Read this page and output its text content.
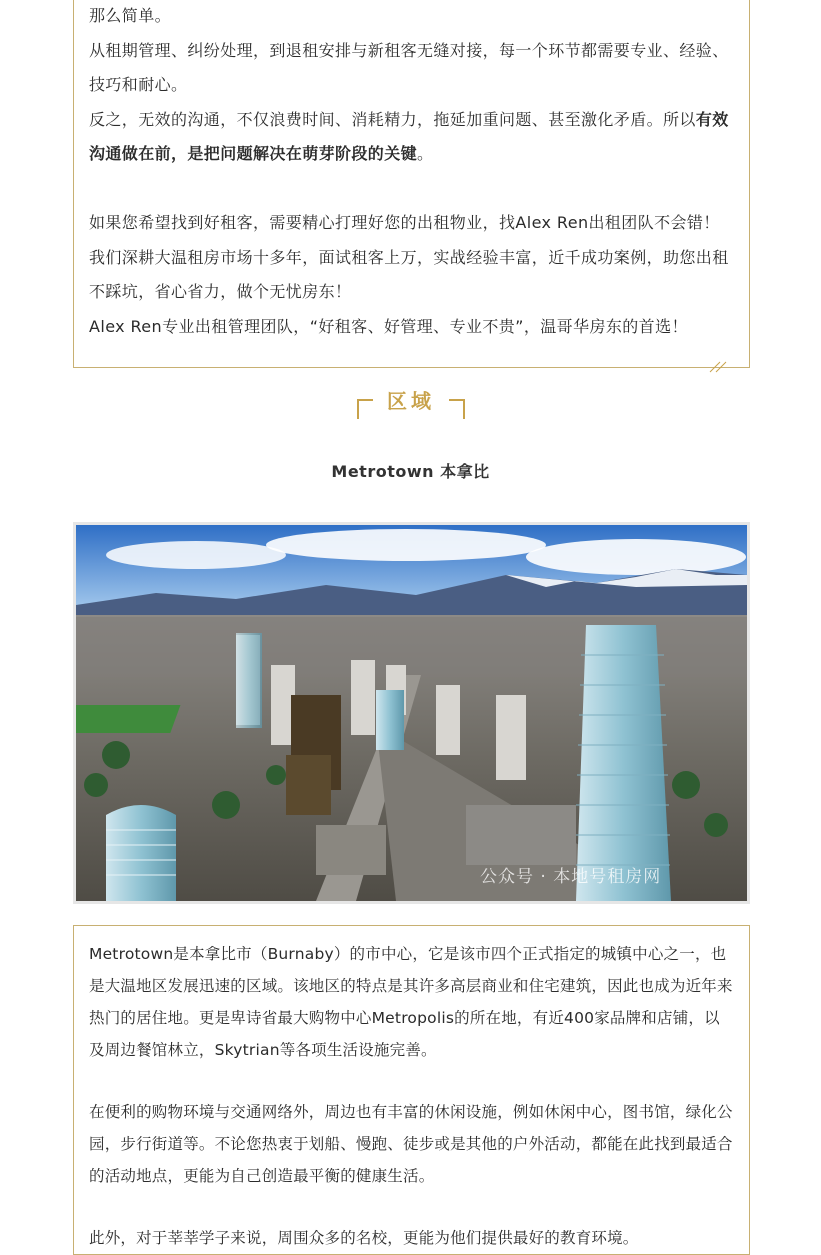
那么简单。

从租期管理、纠纷处理，到退租安排与新租客无缝对接，每一个环节都需要专业、经验、技巧和耐心。

反之，无效的沟通，不仅浪费时间、消耗精力，拖延加重问题、甚至激化矛盾。所以有效沟通做在前，是把问题解决在萌芽阶段的关键。

如果您希望找到好租客，需要精心打理好您的出租物业，找Alex Ren出租团队不会错！我们深耕大温租房市场十多年，面试租客上万，实战经验丰富，近千成功案例，助您出租不踩坑，省心省力，做个无忧房东！

Alex Ren专业出租管理团队，“好租客、好管理、专业不贵”，温哥华房东的首选！

区域
Metrotown 本拿比
公众号 · 本地号租房网

Metrotown是本拿比市（Burnaby）的市中心，它是该市四个正式指定的城镇中心之一，也是大温地区发展迅速的区域。该地区的特点是其许多高层商业和住宅建筑，因此也成为近年来热门的居住地。更是卑诗省最大购物中心Metropolis的所在地，有近400家品牌和店铺，以及周边餐馆林立，Skytrian等各项生活设施完善。

在便利的购物环境与交通网络外，周边也有丰富的休闲设施，例如休闲中心，图书馆，绿化公园，步行街道等。不论您热衷于划船、慢跑、徒步或是其他的户外活动，都能在此找到最适合的活动地点，更能为自己创造最平衡的健康生活。

此外，对于莘莘学子来说，周围众多的名校，更能为他们提供最好的教育环境。
